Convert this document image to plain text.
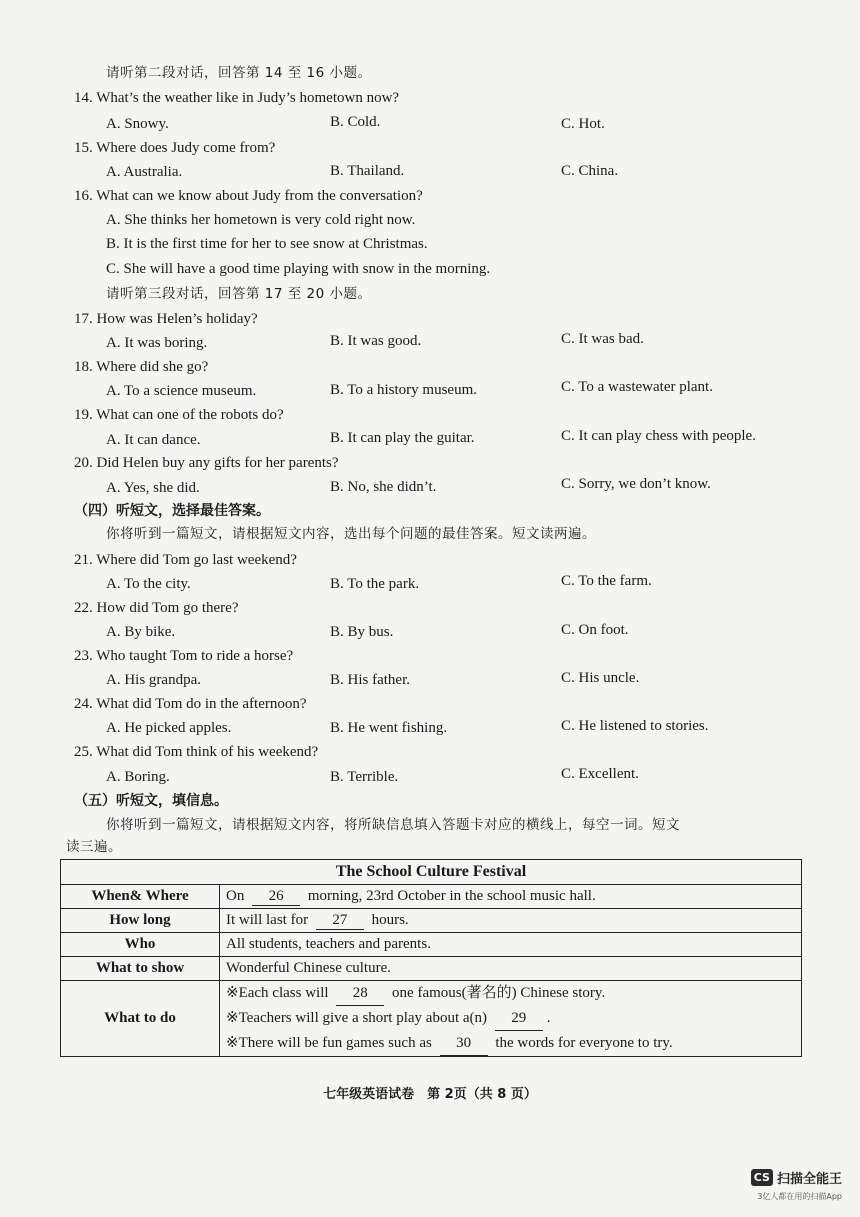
请听第二段对话，回答第 14 至 16 小题。
14. What’s the weather like in Judy’s hometown now?
A. Snowy.	B. Cold.	C. Hot.
15. Where does Judy come from?
A. Australia.	B. Thailand.	C. China.
16. What can we know about Judy from the conversation?
A. She thinks her hometown is very cold right now.
B. It is the first time for her to see snow at Christmas.
C. She will have a good time playing with snow in the morning.
请听第三段对话，回答第 17 至 20 小题。
17. How was Helen’s holiday?
A. It was boring.	B. It was good.	C. It was bad.
18. Where did she go?
A. To a science museum.	B. To a history museum.	C. To a wastewater plant.
19. What can one of the robots do?
A. It can dance.	B. It can play the guitar.	C. It can play chess with people.
20. Did Helen buy any gifts for her parents?
A. Yes, she did.	B. No, she didn’t.	C. Sorry, we don’t know.
（四）听短文，选择最佳答案。
你将听到一篇短文，请根据短文内容，选出每个问题的最佳答案。短文读两遍。
21. Where did Tom go last weekend?
A. To the city.	B. To the park.	C. To the farm.
22. How did Tom go there?
A. By bike.	B. By bus.	C. On foot.
23. Who taught Tom to ride a horse?
A. His grandpa.	B. His father.	C. His uncle.
24. What did Tom do in the afternoon?
A. He picked apples.	B. He went fishing.	C. He listened to stories.
25. What did Tom think of his weekend?
A. Boring.	B. Terrible.	C. Excellent.
（五）听短文，填信息。
你将听到一篇短文，请根据短文内容，将所缺信息填入答题卡对应的横线上，每空一词。短文
读三遍。
The School Culture Festival	
When& Where	On 26 morning, 23rd October in the school music hall.
How long	It will last for 27 hours.
Who	All students, teachers and parents.
What to show	Wonderful Chinese culture.
What to do	※Each class will 28 one famous(著名的) Chinese story.
※Teachers will give a short play about a(n) 29 .
※There will be fun games such as 30 the words for everyone to try.
七年级英语试卷　第 2页（共 8 页）
CS 扫描全能王
3亿人都在用的扫描App
